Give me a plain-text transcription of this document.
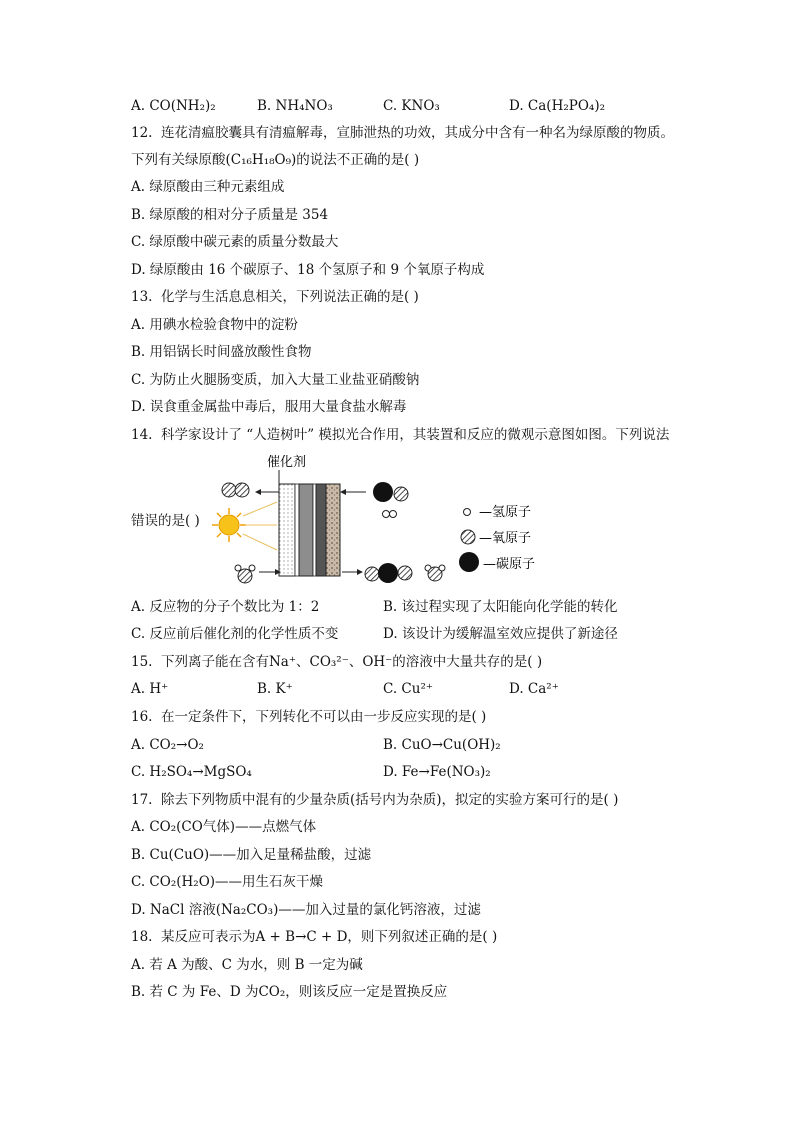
A. CO(NH₂)₂	B. NH₄NO₃	C. KNO₃	D. Ca(H₂PO₄)₂
12. 连花清瘟胶囊具有清瘟解毒，宣肺泄热的功效，其成分中含有一种名为绿原酸的物质。
下列有关绿原酸(C₁₆H₁₈O₉)的说法不正确的是( )
A. 绿原酸由三种元素组成
B. 绿原酸的相对分子质量是 354
C. 绿原酸中碳元素的质量分数最大
D. 绿原酸由 16 个碳原子、18 个氢原子和 9 个氧原子构成
13. 化学与生活息息相关，下列说法正确的是( )
A. 用碘水检验食物中的淀粉
B. 用铝锅长时间盛放酸性食物
C. 为防止火腿肠变质，加入大量工业盐亚硝酸钠
D. 误食重金属盐中毒后，服用大量食盐水解毒
14. 科学家设计了 “人造树叶” 模拟光合作用，其装置和反应的微观示意图如图。下列说法
错误的是( )
催化剂
—氢原子
—氧原子
—碳原子
A. 反应物的分子个数比为 1：2	B. 该过程实现了太阳能向化学能的转化
C. 反应前后催化剂的化学性质不变	D. 该设计为缓解温室效应提供了新途径
15. 下列离子能在含有Na⁺、CO₃²⁻、OH⁻的溶液中大量共存的是( )
A. H⁺	B. K⁺	C. Cu²⁺	D. Ca²⁺
16. 在一定条件下，下列转化不可以由一步反应实现的是( )
A. CO₂→O₂	B. CuO→Cu(OH)₂
C. H₂SO₄→MgSO₄	D. Fe→Fe(NO₃)₂
17. 除去下列物质中混有的少量杂质(括号内为杂质)，拟定的实验方案可行的是( )
A. CO₂(CO气体)——点燃气体
B. Cu(CuO)——加入足量稀盐酸，过滤
C. CO₂(H₂O)——用生石灰干燥
D. NaCl 溶液(Na₂CO₃)——加入过量的氯化钙溶液，过滤
18. 某反应可表示为A + B→C + D，则下列叙述正确的是( )
A. 若 A 为酸、C 为水，则 B 一定为碱
B. 若 C 为 Fe、D 为CO₂，则该反应一定是置换反应
